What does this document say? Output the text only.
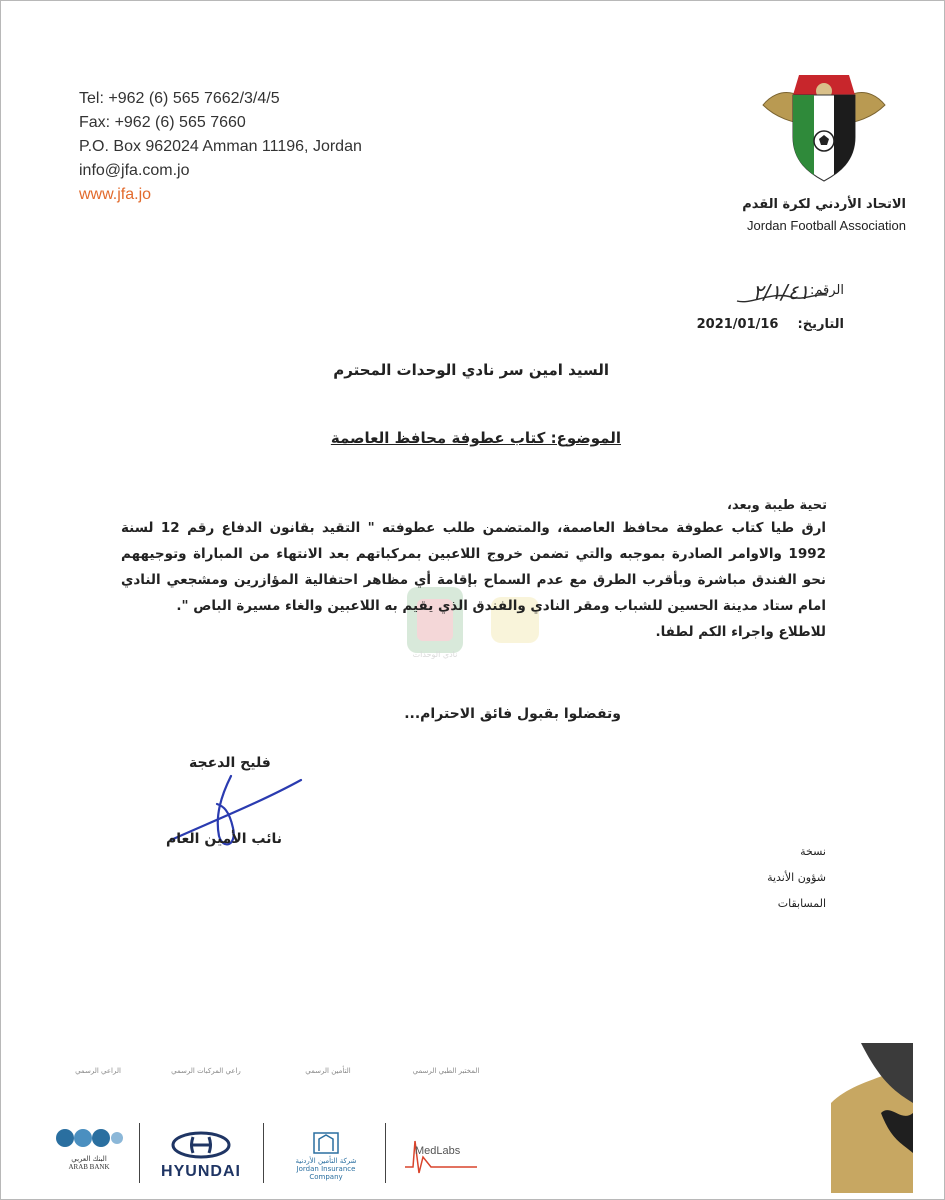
Tel: +962 (6) 565 7662/3/4/5
Fax: +962 (6) 565 7660
P.O. Box 962024 Amman 11196, Jordan
info@jfa.com.jo
www.jfa.jo
JFA
الاتحاد الأردني لكرة القدم
Jordan Football Association
الرقم:
٢/١/٤١
التاريخ:  2021/01/16
السيد امين سر نادي الوحدات المحترم
الموضوع: كتاب عطوفة محافظ العاصمة
نادي الوحدات
تحية طيبة وبعد،
ارق طيا كتاب عطوفة محافظ العاصمة، والمتضمن طلب عطوفته " التقيد بقانون الدفاع رقم 12 لسنة 1992 والاوامر الصادرة بموجبه والتي تضمن خروج اللاعبين بمركباتهم بعد الانتهاء من المباراة وتوجيههم نحو الفندق مباشرة وبأقرب الطرق مع عدم السماح بإقامة أي مظاهر احتفالية المؤازرين ومشجعي النادي امام ستاد مدينة الحسين للشباب ومقر النادي والفندق الذي يقيم به اللاعبين والغاء مسيرة الباص ".
للاطلاع واجراء الكم لطفا.
وتفضلوا بقبول فائق الاحترام...
فليح الدعجة
نائب الأمين العام
نسخة
شؤون الأندية
المسابقات
الراعي الرسمي	راعي المركبات الرسمي	التأمين الرسمي	المختبر الطبي الرسمي
البنك العربي
ARAB BANK	HYUNDAI
شركة التأمين الأردنية
Jordan Insurance Company
MedLabs
